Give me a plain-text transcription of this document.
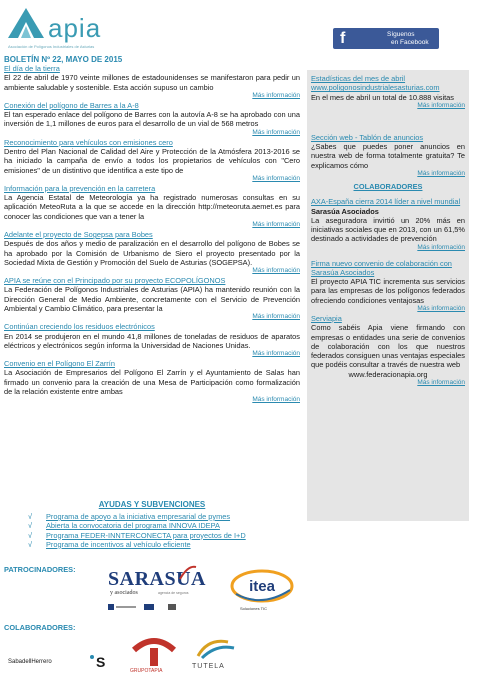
apia
Asociación de Polígonos Industriales de Asturias	f	Síguenos
en Facebook
BOLETÍN Nº 22, MAYO DE 2015
El día de la tierra
El 22 de abril de 1970 veinte millones de estadounidenses se manifestaron para pedir un ambiente saludable y sostenible. Esta acción supuso un cambio
Más información
Conexión del polígono de Barres a la A-8
El tan esperado enlace del polígono de Barres con la autovía A-8 se ha aprobado con una inversión de 1,1 millones de euros para el desarrollo de un vial de 568 metros
Más información
Reconocimiento para vehículos con emisiones cero
Dentro del Plan Nacional de Calidad del Aire y Protección de la Atmósfera 2013-2016 se ha iniciado la campaña de envío a todos los propietarios de vehículos con "Cero emisiones" de un distintivo que identifica a este tipo de
Más información
Información para la prevención en la carretera
La Agencia Estatal de Meteorología ya ha registrado numerosas consultas en su aplicación MeteoRuta a la que se accede en la dirección http://meteoruta.aemet.es para conocer las condiciones que van a tener la
Más información
Adelante el proyecto de Sogepsa para Bobes
Después de dos años y medio de paralización en el desarrollo del polígono de Bobes se ha aprobado por la Comisión de Urbanismo de Siero el proyecto presentado por la Sociedad Mixta de Gestión y Promoción del Suelo de Asturias (SOGEPSA).
Más información
APIA se reúne con el Principado por su proyecto ECOPOLÍGONOS
La Federación de Polígonos Industriales de Asturias (APIA) ha mantenido reunión con la Dirección General de Medio Ambiente, concretamente con el Servicio de Prevención Ambiental y Cambio Climático, para presentar la
Más información
Continúan creciendo los residuos electrónicos
En 2014 se produjeron en el mundo 41,8 millones de toneladas de residuos de aparatos eléctricos y electrónicos según informa la Universidad de Naciones Unidas.
Más información
Convenio en el Polígono El Zarrín
La Asociación de Empresarios del Polígono El Zarrín y el Ayuntamiento de Salas han firmado un convenio para la creación de una Mesa de Participación como formalización de la relación existente entre ambas
Más información
AYUDAS Y SUBVENCIONES
√ Programa de apoyo a la iniciativa empresarial de pymes
√ Abierta la convocatoria del programa INNOVA IDEPA
√ Programa FEDER-INNTERCONECTA para proyectos de I+D
√ Programa de incentivos al vehículo eficiente
Estadísticas del mes de abril
www.poligonosindustrialesasturias.com
En el mes de abril un total de 10.888 visitas
Más información
Sección web - Tablón de anuncios
¿Sabes que puedes poner anuncios en nuestra web de forma totalmente gratuita? Te explicamos cómo
Más información
COLABORADORES
AXA-España cierra 2014 líder a nivel mundial
Sarasúa Asociados
La aseguradora invirtió un 20% más en iniciativas sociales que en 2013, con un 61,5% destinado a actividades de prevención
Más información
Firma nuevo convenio de colaboración con Sarasúa Asociados
El proyecto APIA TIC incrementa sus servicios para las empresas de los polígonos federados ofreciendo condiciones ventajosas
Más información
Serviapia
Como sabéis Apia viene firmando con empresas o entidades una serie de convenios de colaboración con los que nuestros federados consiguen unas ventajas especiales que podéis consultar a través de nuestra web
www.federacionapia.org
Más información
PATROCINADORES: SARASUA
y asociados	agencia de seguros	itea
Soluciones TIC
COLABORADORES:
SabadellHerrero	S
GRUPOTAPIA
TUTELA
